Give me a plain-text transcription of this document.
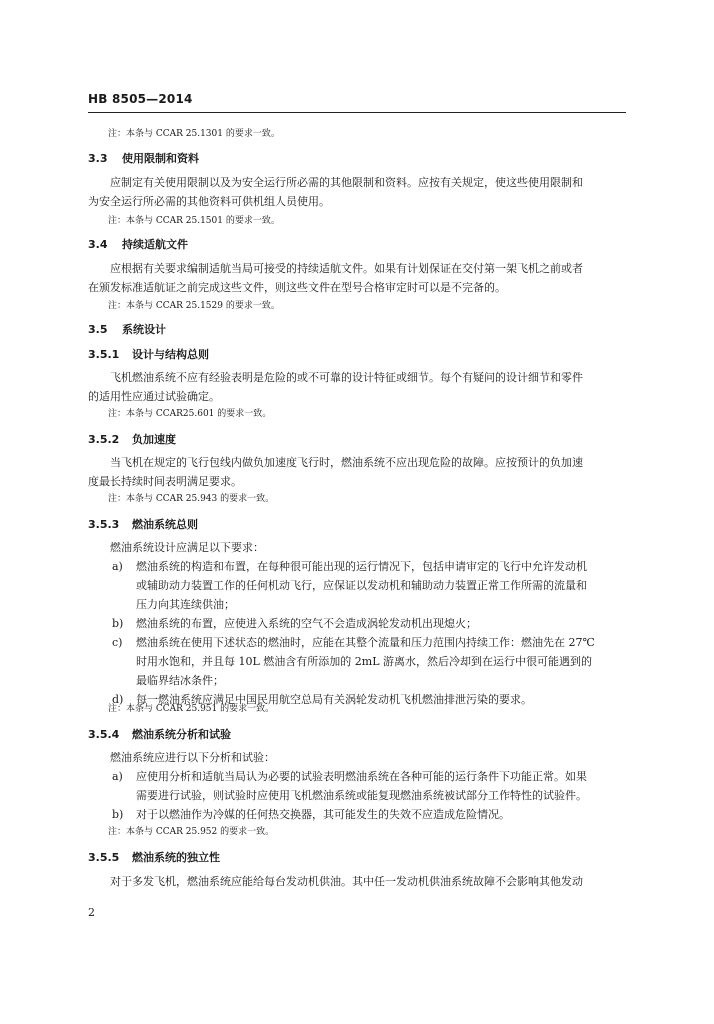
HB 8505—2014
注：本条与 CCAR 25.1301 的要求一致。
3.3 使用限制和资料
应制定有关使用限制以及为安全运行所必需的其他限制和资料。应按有关规定，使这些使用限制和
为安全运行所必需的其他资料可供机组人员使用。
注：本条与 CCAR 25.1501 的要求一致。
3.4 持续适航文件
应根据有关要求编制适航当局可接受的持续适航文件。如果有计划保证在交付第一架飞机之前或者
在颁发标准适航证之前完成这些文件，则这些文件在型号合格审定时可以是不完备的。
注：本条与 CCAR 25.1529 的要求一致。
3.5 系统设计
3.5.1 设计与结构总则
飞机燃油系统不应有经验表明是危险的或不可靠的设计特征或细节。每个有疑问的设计细节和零件
的适用性应通过试验确定。
注：本条与 CCAR25.601 的要求一致。
3.5.2 负加速度
当飞机在规定的飞行包线内做负加速度飞行时，燃油系统不应出现危险的故障。应按预计的负加速
度最长持续时间表明满足要求。
注：本条与 CCAR 25.943 的要求一致。
3.5.3 燃油系统总则
燃油系统设计应满足以下要求：
a) 燃油系统的构造和布置，在每种很可能出现的运行情况下，包括申请审定的飞行中允许发动机
或辅助动力装置工作的任何机动飞行，应保证以发动机和辅助动力装置正常工作所需的流量和
压力向其连续供油；
b) 燃油系统的布置，应使进入系统的空气不会造成涡轮发动机出现熄火；
c) 燃油系统在使用下述状态的燃油时，应能在其整个流量和压力范围内持续工作：燃油先在 27℃
时用水饱和，并且每 10L 燃油含有所添加的 2mL 游离水，然后冷却到在运行中很可能遇到的
最临界结冰条件；
d) 每一燃油系统应满足中国民用航空总局有关涡轮发动机飞机燃油排泄污染的要求。
注：本条与 CCAR 25.951 的要求一致。
3.5.4 燃油系统分析和试验
燃油系统应进行以下分析和试验：
a) 应使用分析和适航当局认为必要的试验表明燃油系统在各种可能的运行条件下功能正常。如果
需要进行试验，则试验时应使用飞机燃油系统或能复现燃油系统被试部分工作特性的试验件。
b) 对于以燃油作为冷媒的任何热交换器，其可能发生的失效不应造成危险情况。
注：本条与 CCAR 25.952 的要求一致。
3.5.5 燃油系统的独立性
对于多发飞机，燃油系统应能给每台发动机供油。其中任一发动机供油系统故障不会影响其他发动
2
